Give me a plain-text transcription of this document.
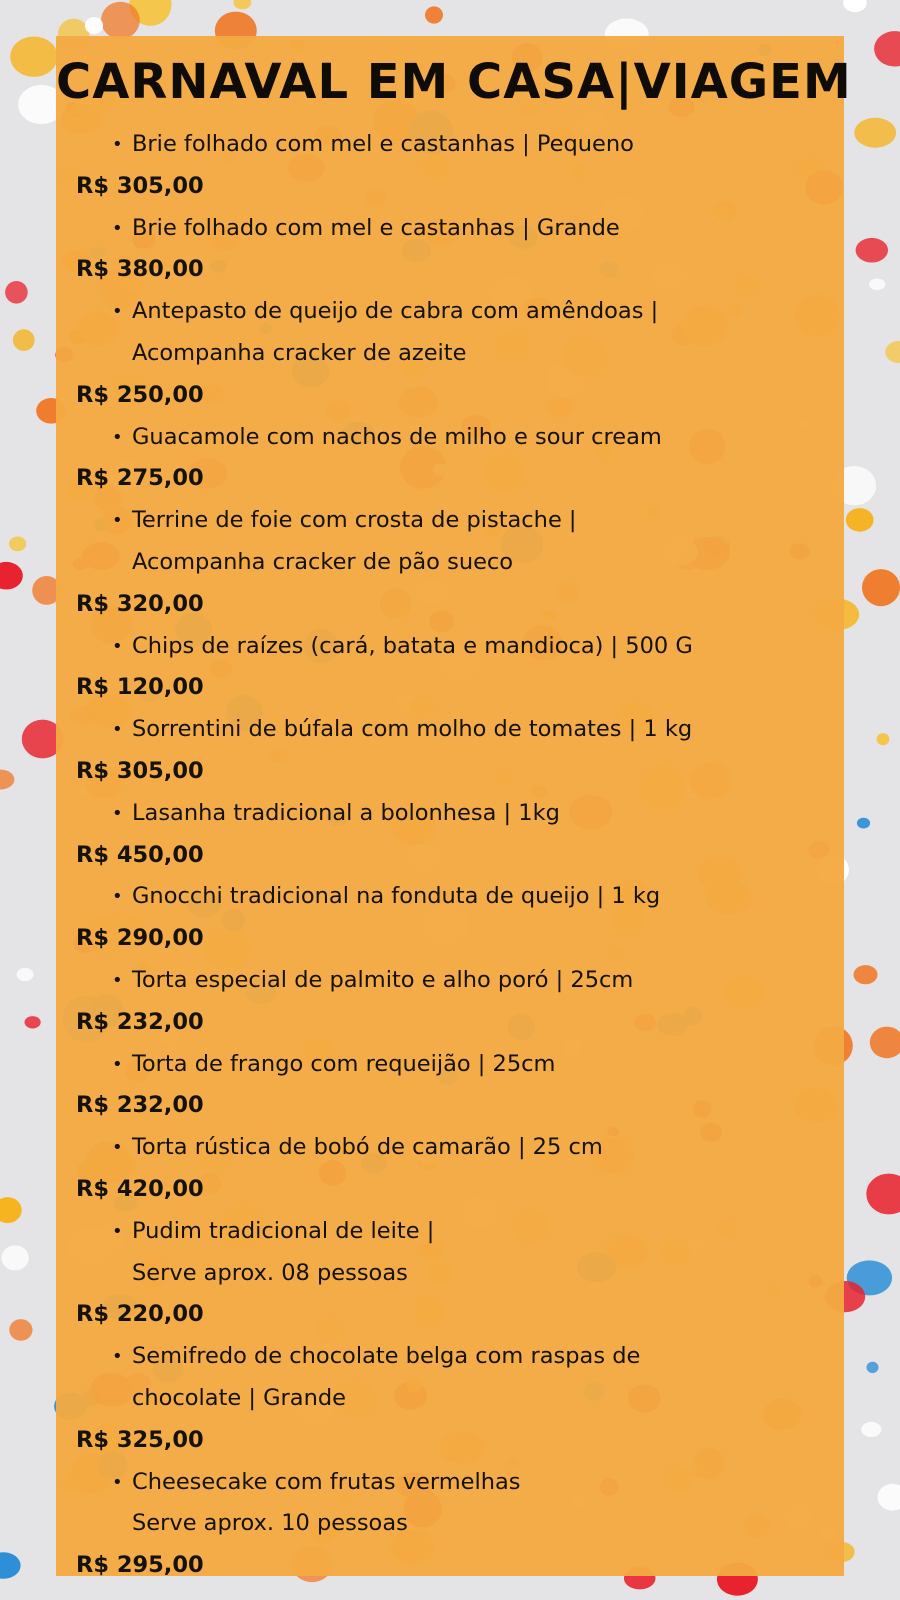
CARNAVAL EM CASA|VIAGEM
• Brie folhado com mel e castanhas | Pequeno
R$ 305,00
• Brie folhado com mel e castanhas | Grande
R$ 380,00
• Antepasto de queijo de cabra com amêndoas |
Acompanha cracker de azeite
R$ 250,00
• Guacamole com nachos de milho e sour cream
R$ 275,00
• Terrine de foie com crosta de pistache |
Acompanha cracker de pão sueco
R$ 320,00
• Chips de raízes (cará, batata e mandioca) | 500 G
R$ 120,00
• Sorrentini de búfala com molho de tomates | 1 kg
R$ 305,00
• Lasanha tradicional a bolonhesa | 1kg
R$ 450,00
• Gnocchi tradicional na fonduta de queijo | 1 kg
R$ 290,00
• Torta especial de palmito e alho poró | 25cm
R$ 232,00
• Torta de frango com requeijão | 25cm
R$ 232,00
• Torta rústica de bobó de camarão | 25 cm
R$ 420,00
• Pudim tradicional de leite |
Serve aprox. 08 pessoas
R$ 220,00
• Semifredo de chocolate belga com raspas de
chocolate | Grande
R$ 325,00
• Cheesecake com frutas vermelhas
Serve aprox. 10 pessoas
R$ 295,00
